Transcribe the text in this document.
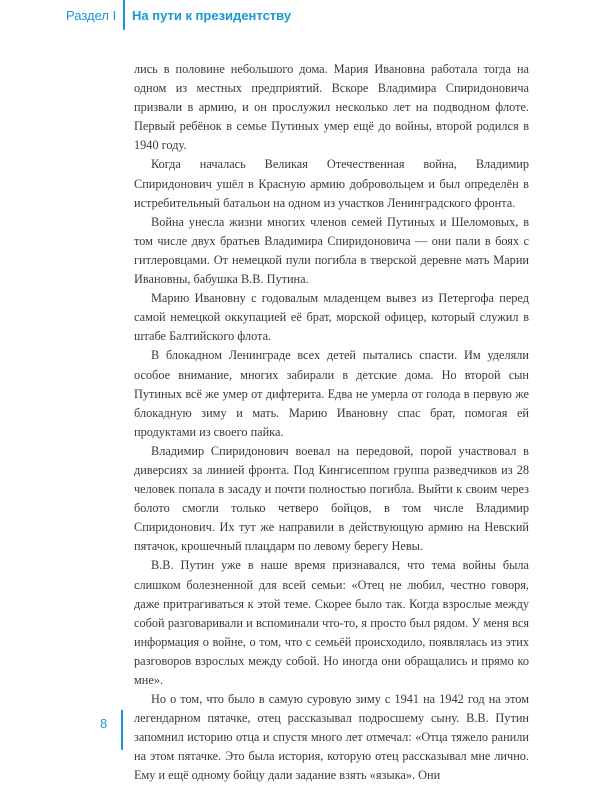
Раздел I На пути к президентству

лись в половине небольшого дома. Мария Ивановна работала тогда на одном из местных предприятий. Вскоре Владимира Спиридоновича призвали в армию, и он прослужил несколько лет на подводном флоте. Первый ребёнок в семье Путиных умер ещё до войны, второй родился в 1940 году.

Когда началась Великая Отечественная война, Владимир Спиридонович ушёл в Красную армию добровольцем и был определён в истребительный батальон на одном из участков Ленинградского фронта.

Война унесла жизни многих членов семей Путиных и Шеломовых, в том числе двух братьев Владимира Спиридоновича — они пали в боях с гитлеровцами. От немецкой пули погибла в тверской деревне мать Марии Ивановны, бабушка В.В. Путина.

Марию Ивановну с годовалым младенцем вывез из Петергофа перед самой немецкой оккупацией её брат, морской офицер, который служил в штабе Балтийского флота.

В блокадном Ленинграде всех детей пытались спасти. Им уделяли особое внимание, многих забирали в детские дома. Но второй сын Путиных всё же умер от дифтерита. Едва не умерла от голода в первую же блокадную зиму и мать. Марию Ивановну спас брат, помогая ей продуктами из своего пайка.

Владимир Спиридонович воевал на передовой, порой участвовал в диверсиях за линией фронта. Под Кингисеппом группа разведчиков из 28 человек попала в засаду и почти полностью погибла. Выйти к своим через болото смогли только четверо бойцов, в том числе Владимир Спиридонович. Их тут же направили в действующую армию на Невский пятачок, крошечный плацдарм по левому берегу Невы.

В.В. Путин уже в наше время признавался, что тема войны была слишком болезненной для всей семьи: «Отец не любил, честно говоря, даже притрагиваться к этой теме. Скорее было так. Когда взрослые между собой разговаривали и вспоминали что-то, я просто был рядом. У меня вся информация о войне, о том, что с семьёй происходило, появлялась из этих разговоров взрослых между собой. Но иногда они обращались и прямо ко мне».

Но о том, что было в самую суровую зиму с 1941 на 1942 год на этом легендарном пятачке, отец рассказывал подросшему сыну. В.В. Путин запомнил историю отца и спустя много лет отмечал: «Отца тяжело ранили на этом пятачке. Это была история, которую отец рассказывал мне лично. Ему и ещё одному бойцу дали задание взять «языка». Они

8
